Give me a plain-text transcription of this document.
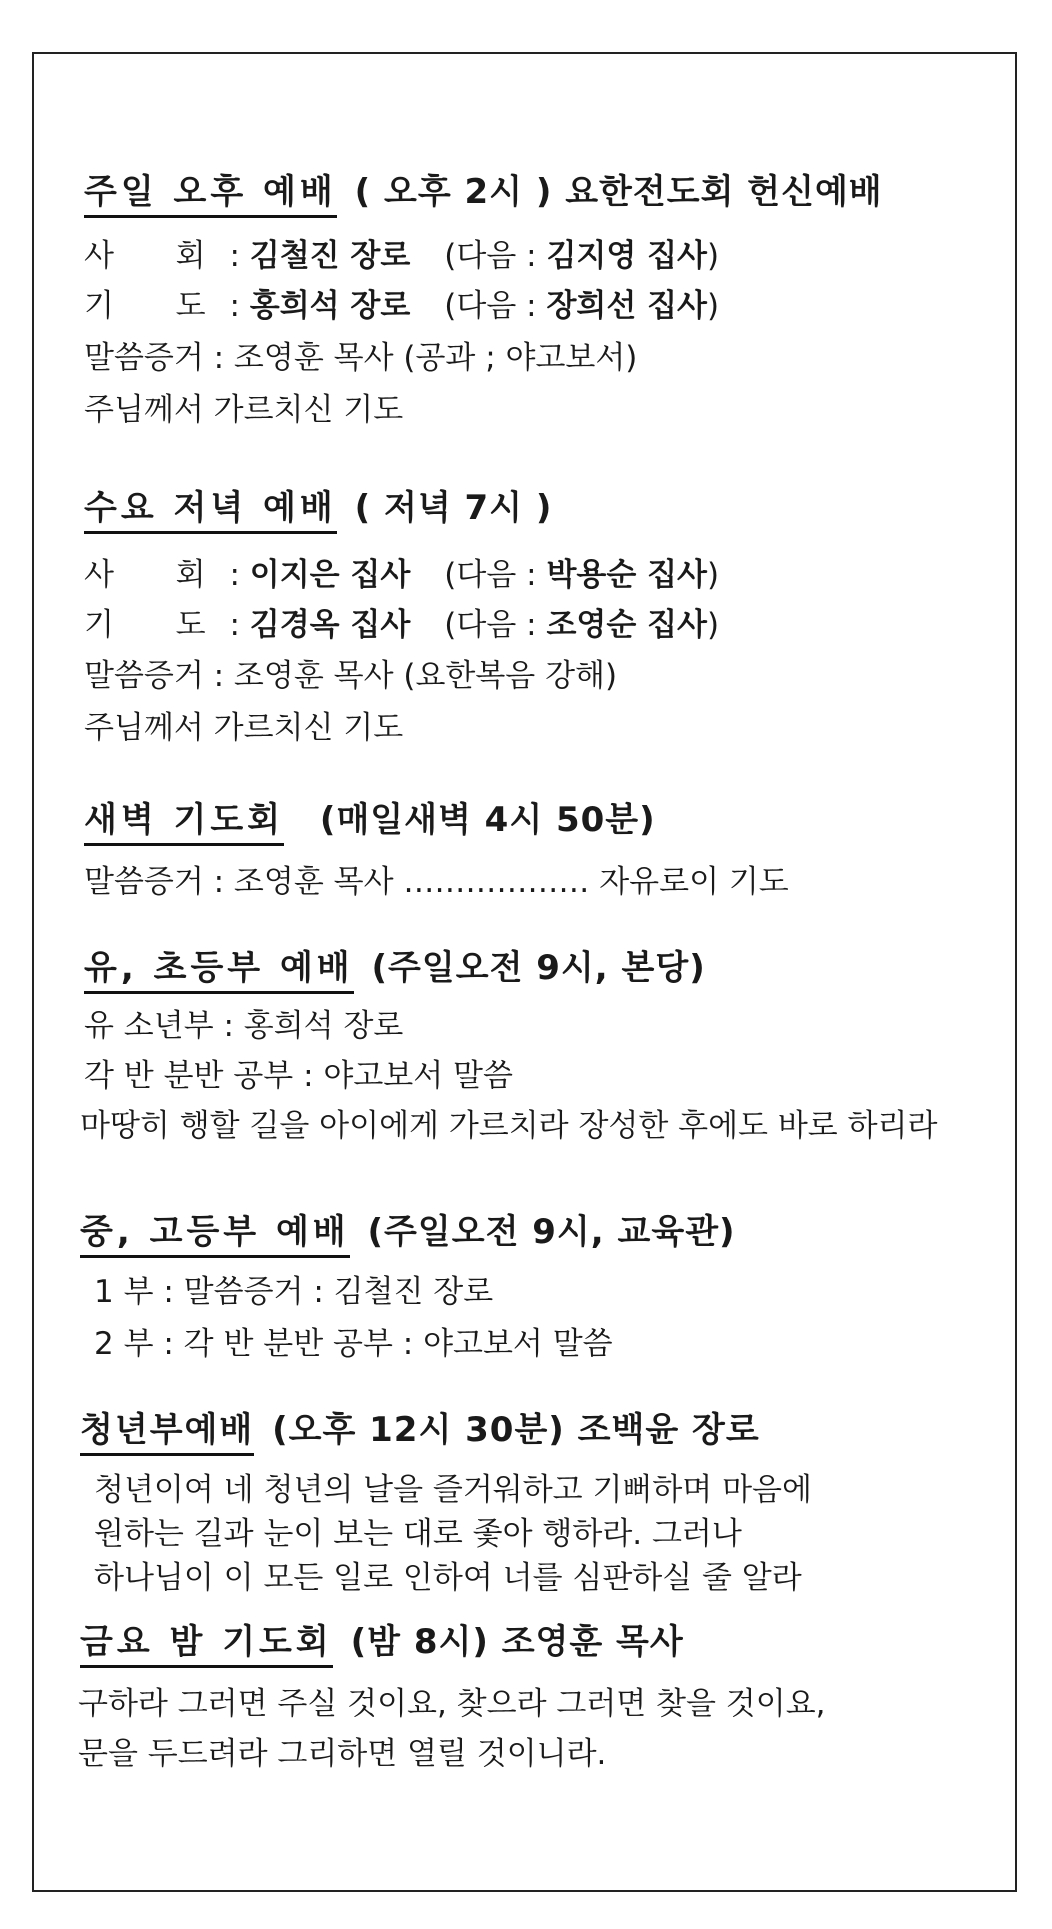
주일 오후 예배 ( 오후 2시 ) 요한전도회 헌신예배
사  회 : 김철진 장로 (다음 : 김지영 집사)
기  도 : 홍희석 장로 (다음 : 장희선 집사)
말씀증거 : 조영훈 목사 (공과 ; 야고보서)
주님께서 가르치신 기도
수요 저녁 예배 ( 저녁 7시 )
사  회 : 이지은 집사 (다음 : 박용순 집사)
기  도 : 김경옥 집사 (다음 : 조영순 집사)
말씀증거 : 조영훈 목사 (요한복음 강해)
주님께서 가르치신 기도
새벽 기도회 (매일새벽 4시 50분)
말씀증거 : 조영훈 목사 ……………… 자유로이 기도
유, 초등부 예배 (주일오전 9시, 본당)
유 소년부 : 홍희석 장로
각 반 분반 공부 : 야고보서 말씀
마땅히 행할 길을 아이에게 가르치라 장성한 후에도 바로 하리라
중, 고등부 예배 (주일오전 9시, 교육관)
1 부 : 말씀증거 : 김철진 장로
2 부 : 각 반 분반 공부 : 야고보서 말씀
청년부예배 (오후 12시 30분) 조백윤 장로
청년이여 네 청년의 날을 즐거워하고 기뻐하며 마음에
원하는 길과 눈이 보는 대로 좇아 행하라. 그러나
하나님이 이 모든 일로 인하여 너를 심판하실 줄 알라
금요 밤 기도회 (밤 8시) 조영훈 목사
구하라 그러면 주실 것이요, 찾으라 그러면 찾을 것이요,
문을 두드려라 그리하면 열릴 것이니라.
